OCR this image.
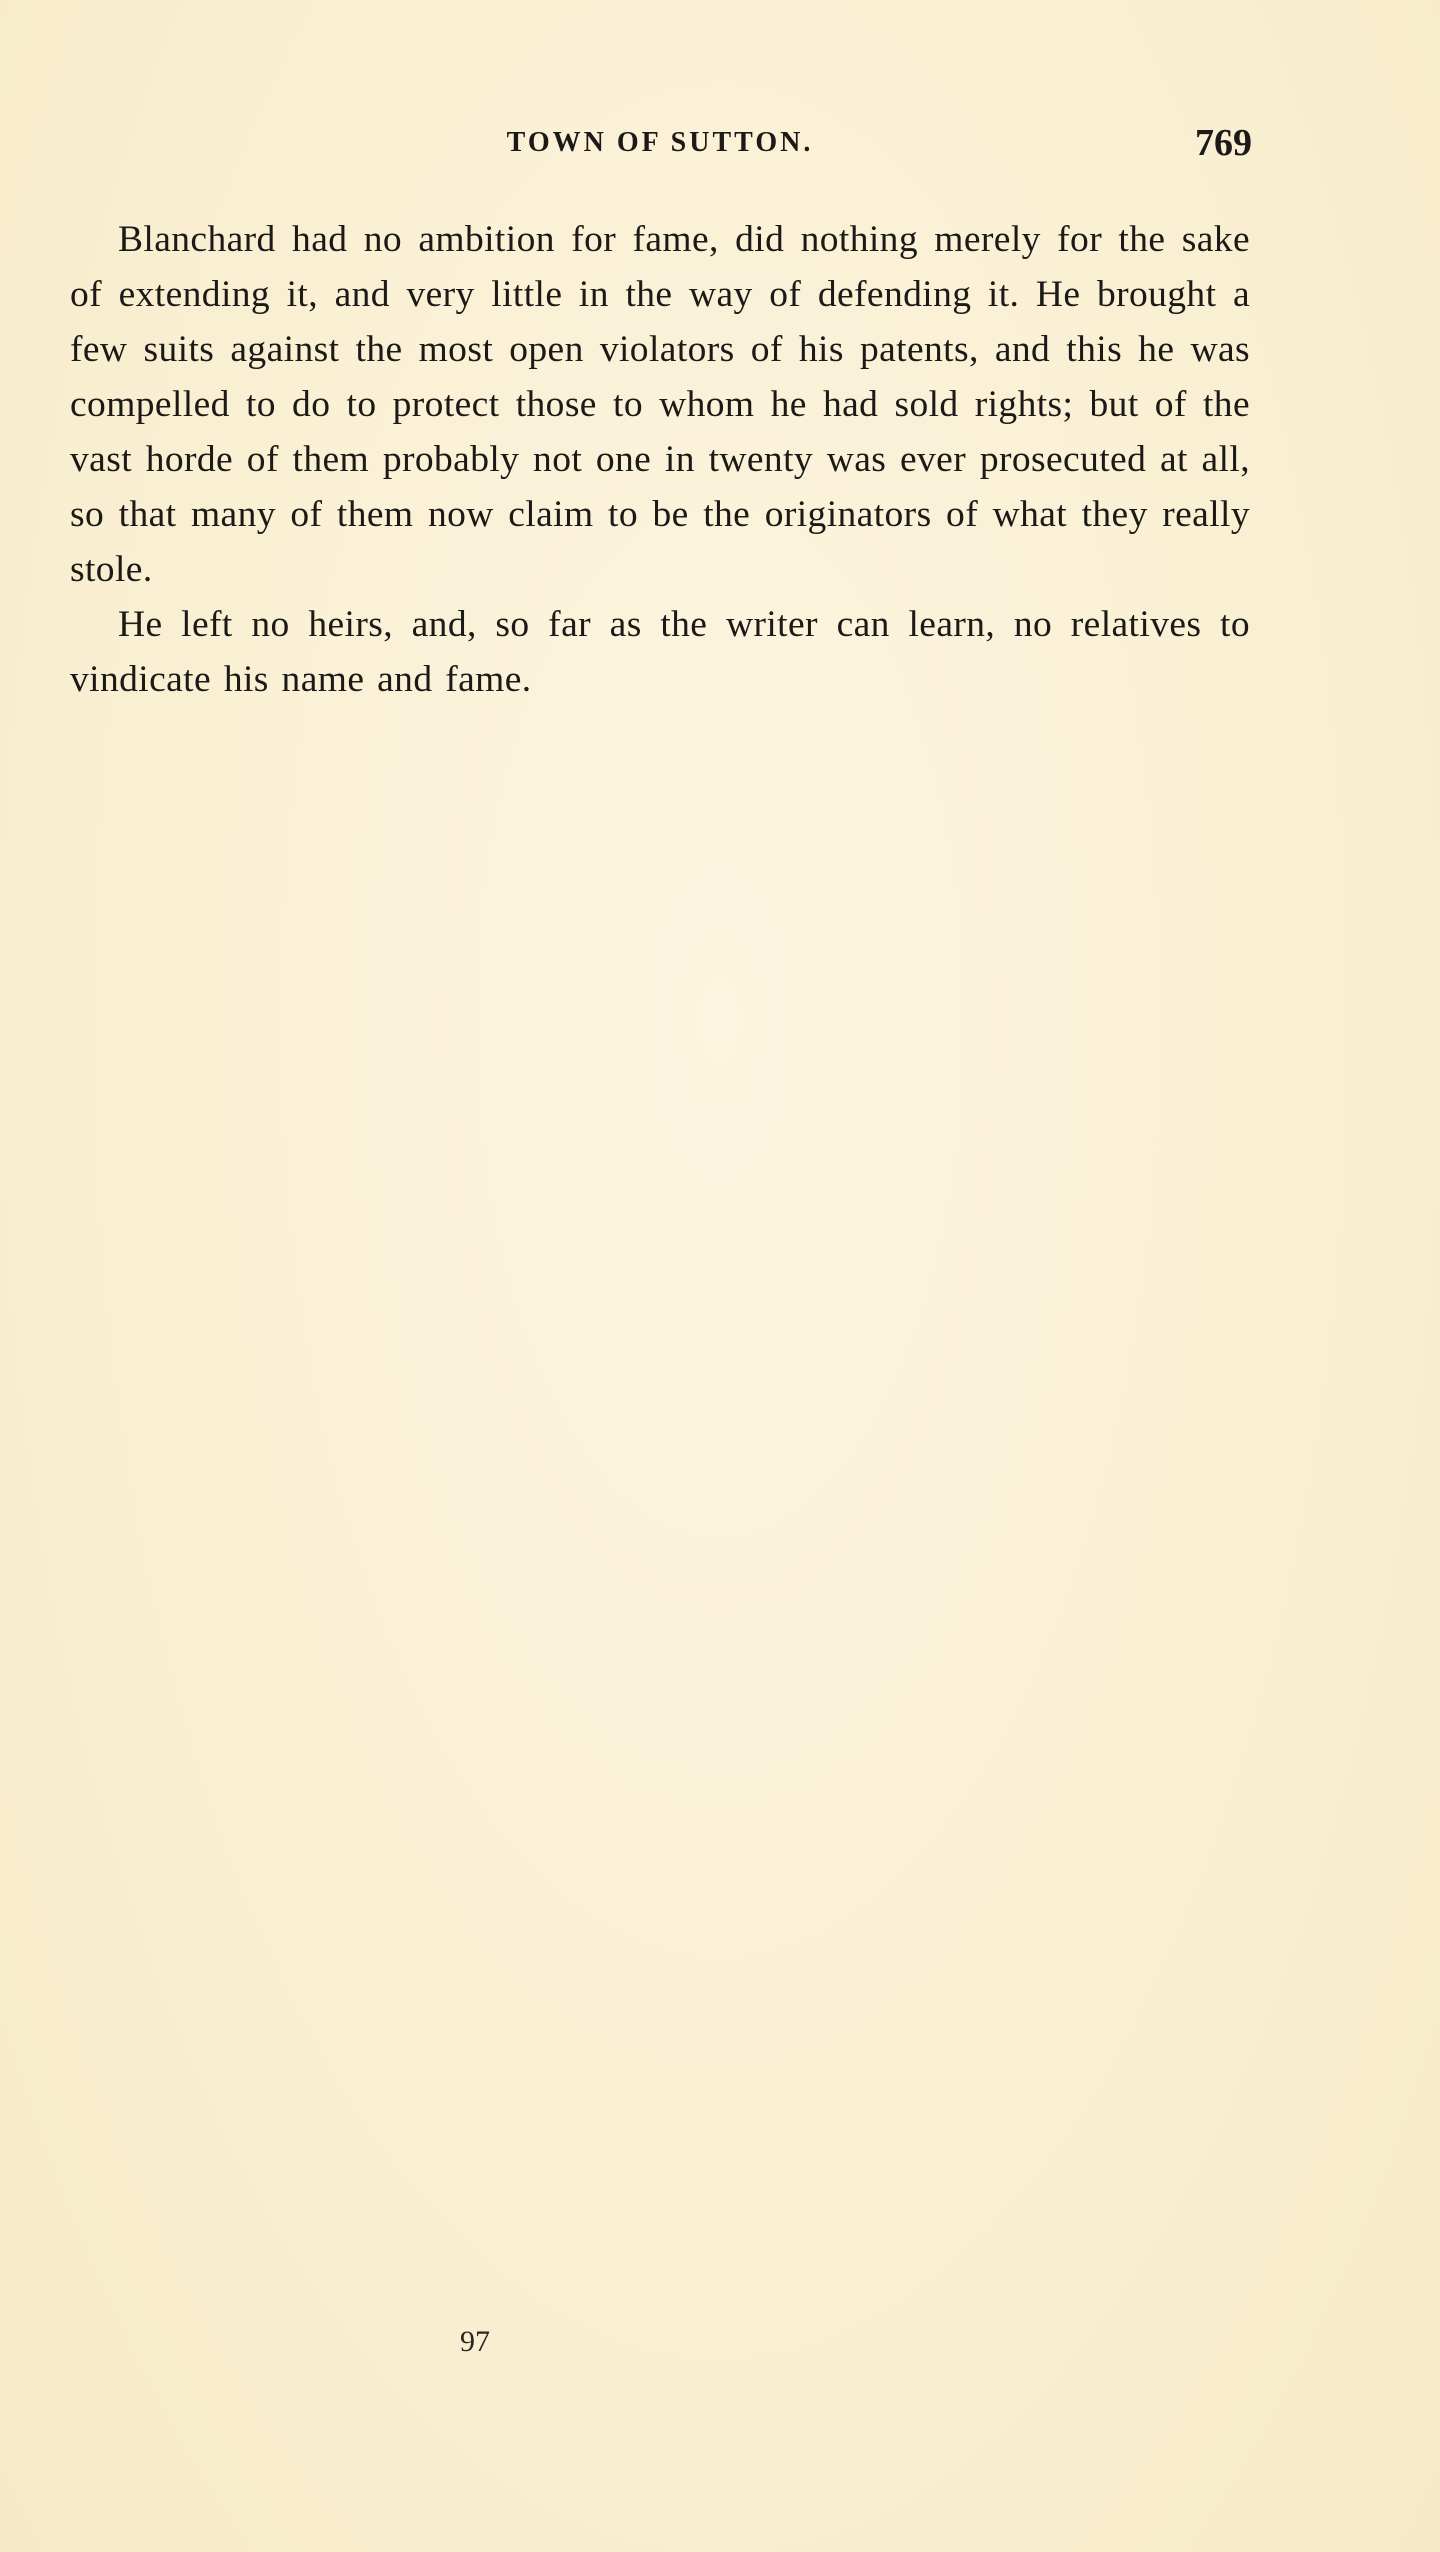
TOWN OF SUTTON.	769

Blanchard had no ambition for fame, did nothing merely for the sake of extending it, and very little in the way of defending it. He brought a few suits against the most open violators of his patents, and this he was compelled to do to protect those to whom he had sold rights; but of the vast horde of them probably not one in twenty was ever prosecuted at all, so that many of them now claim to be the originators of what they really stole.

He left no heirs, and, so far as the writer can learn, no relatives to vindicate his name and fame.

97
